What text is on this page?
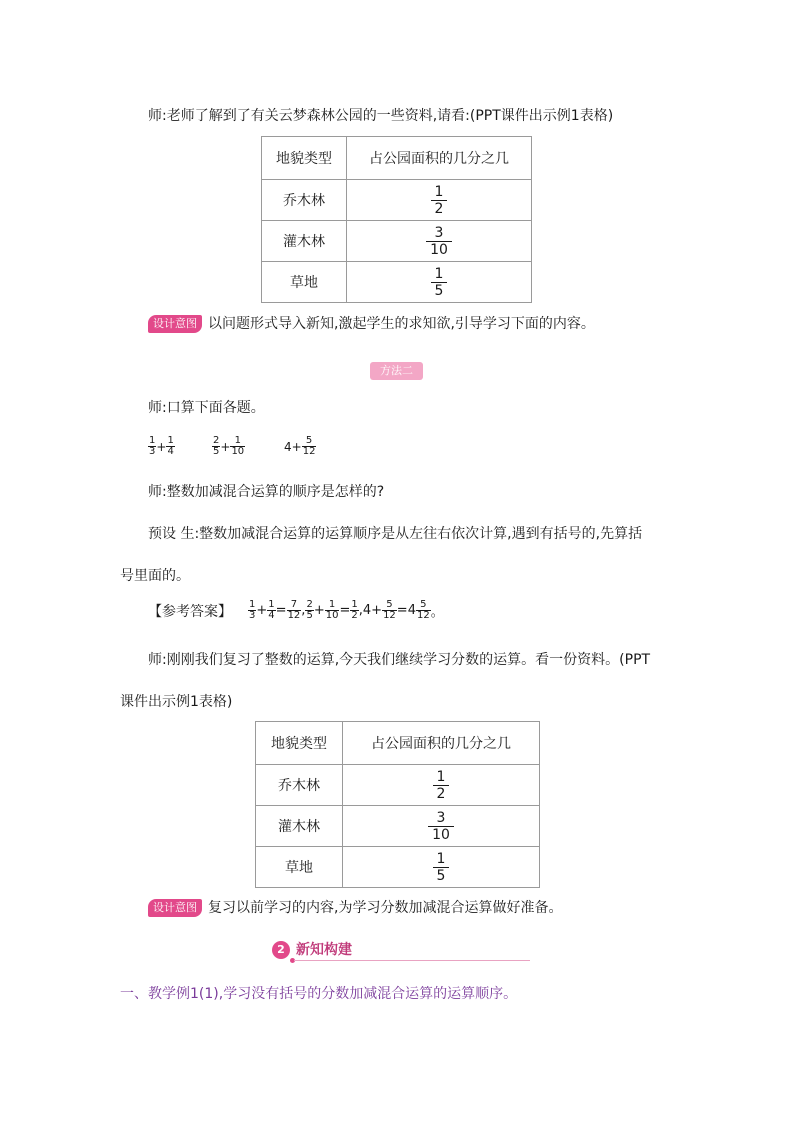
师:老师了解到了有关云梦森林公园的一些资料,请看:(PPT课件出示例1表格)
地貌类型	占公园面积的几分之几
乔木林	$\frac{1}{2}$

灌木林	$\frac{3}{10}$

草地	$\frac{1}{5}$
设计意图 以问题形式导入新知,激起学生的求知欲,引导学习下面的内容。
方法二
师:口算下面各题。
$\frac{1}{3} + \frac{1}{4}$	$\frac{2}{5} + \frac{1}{10}$	$4 + \frac{5}{12}$
师:整数加减混合运算的顺序是怎样的?
预设 生:整数加减混合运算的运算顺序是从左往右依次计算,遇到有括号的,先算括
号里面的。
【参考答案】 $\frac{1}{3} + \frac{1}{4} = \frac{7}{12}$ , $\frac{2}{5} + \frac{1}{10} = \frac{1}{2}$ , $4 + \frac{5}{12} = 4 \frac{5}{12}$ 。
师:刚刚我们复习了整数的运算,今天我们继续学习分数的运算。看一份资料。(PPT
课件出示例1表格)
地貌类型	占公园面积的几分之几
乔木林	$\frac{1}{2}$

灌木林	$\frac{3}{10}$

草地	$\frac{1}{5}$
设计意图 复习以前学习的内容,为学习分数加减混合运算做好准备。
2 新知构建
一、教学例1(1),学习没有括号的分数加减混合运算的运算顺序。
